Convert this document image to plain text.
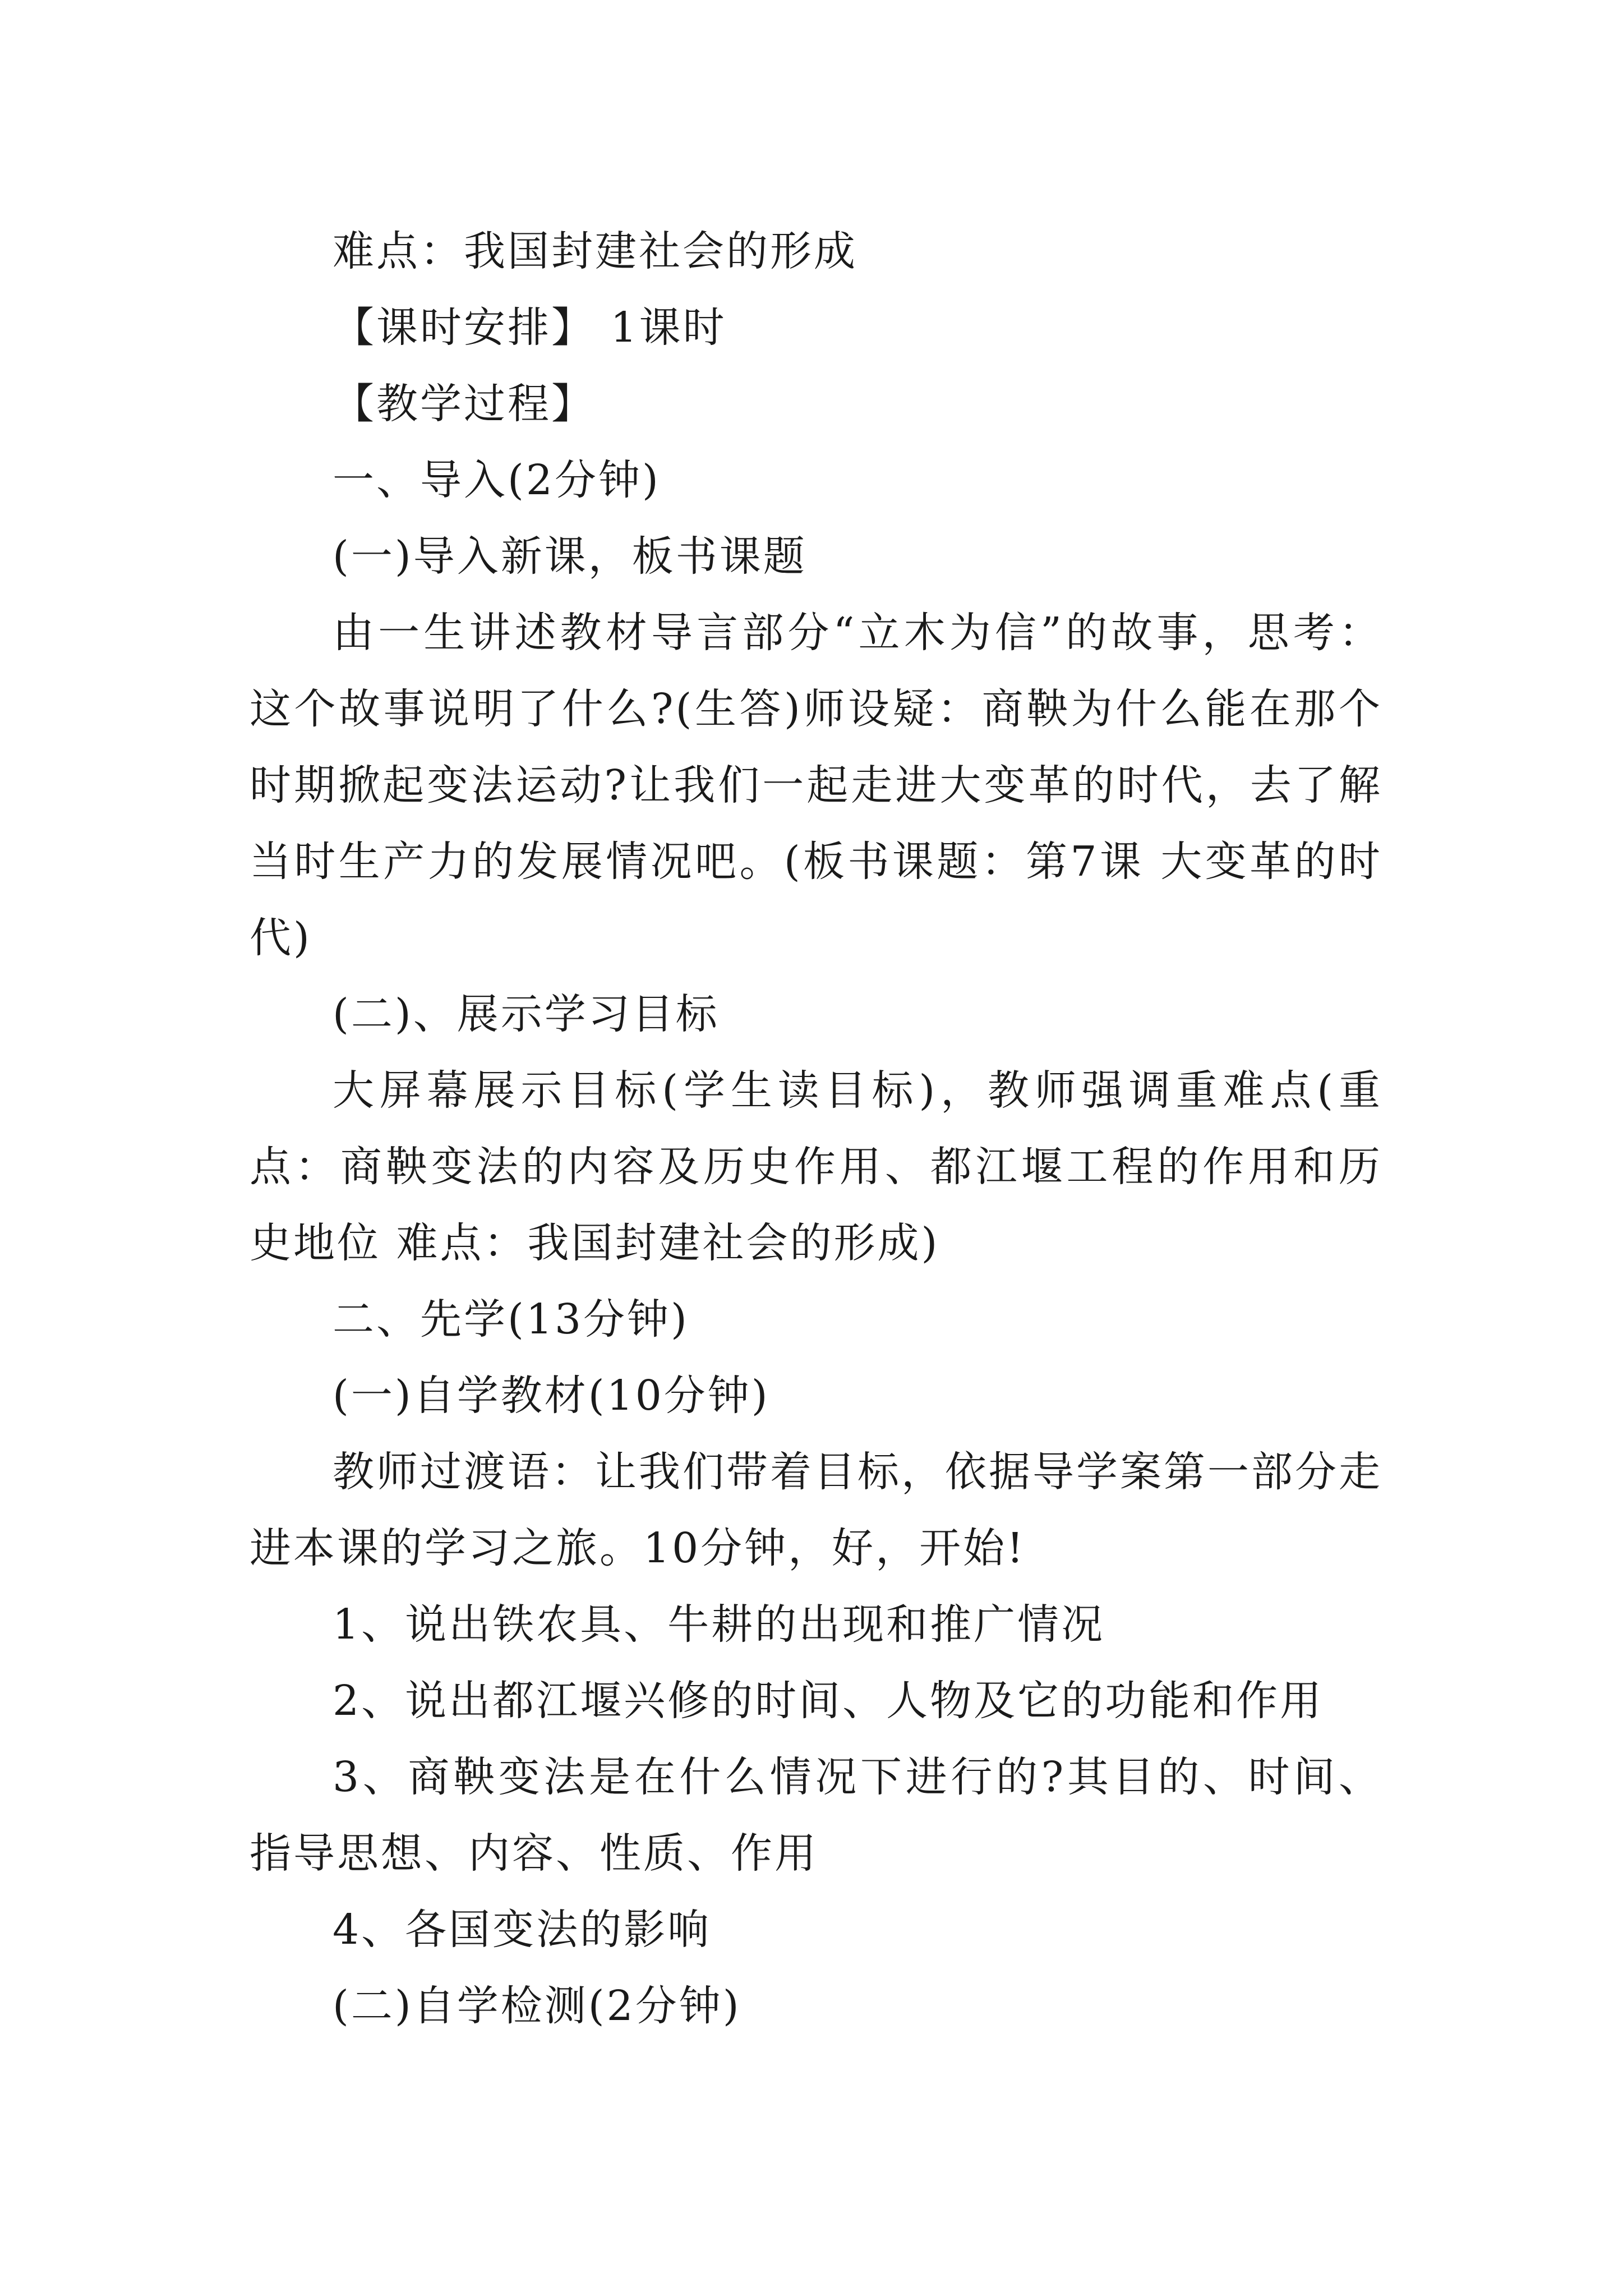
难点：我国封建社会的形成

【课时安排】 1课时

【教学过程】

一、导入(2分钟)

(一)导入新课，板书课题

由一生讲述教材导言部分“立木为信”的故事，思考：这个故事说明了什么?(生答)师设疑：商鞅为什么能在那个时期掀起变法运动?让我们一起走进大变革的时代，去了解当时生产力的发展情况吧。(板书课题：第7课 大变革的时代)

(二)、展示学习目标

大屏幕展示目标(学生读目标)，教师强调重难点(重点：商鞅变法的内容及历史作用、都江堰工程的作用和历史地位 难点：我国封建社会的形成)

二、先学(13分钟)

(一)自学教材(10分钟)

教师过渡语：让我们带着目标，依据导学案第一部分走进本课的学习之旅。10分钟，好，开始!

1、说出铁农具、牛耕的出现和推广情况

2、说出都江堰兴修的时间、人物及它的功能和作用

3、商鞅变法是在什么情况下进行的?其目的、时间、指导思想、内容、性质、作用

4、各国变法的影响

(二)自学检测(2分钟)
